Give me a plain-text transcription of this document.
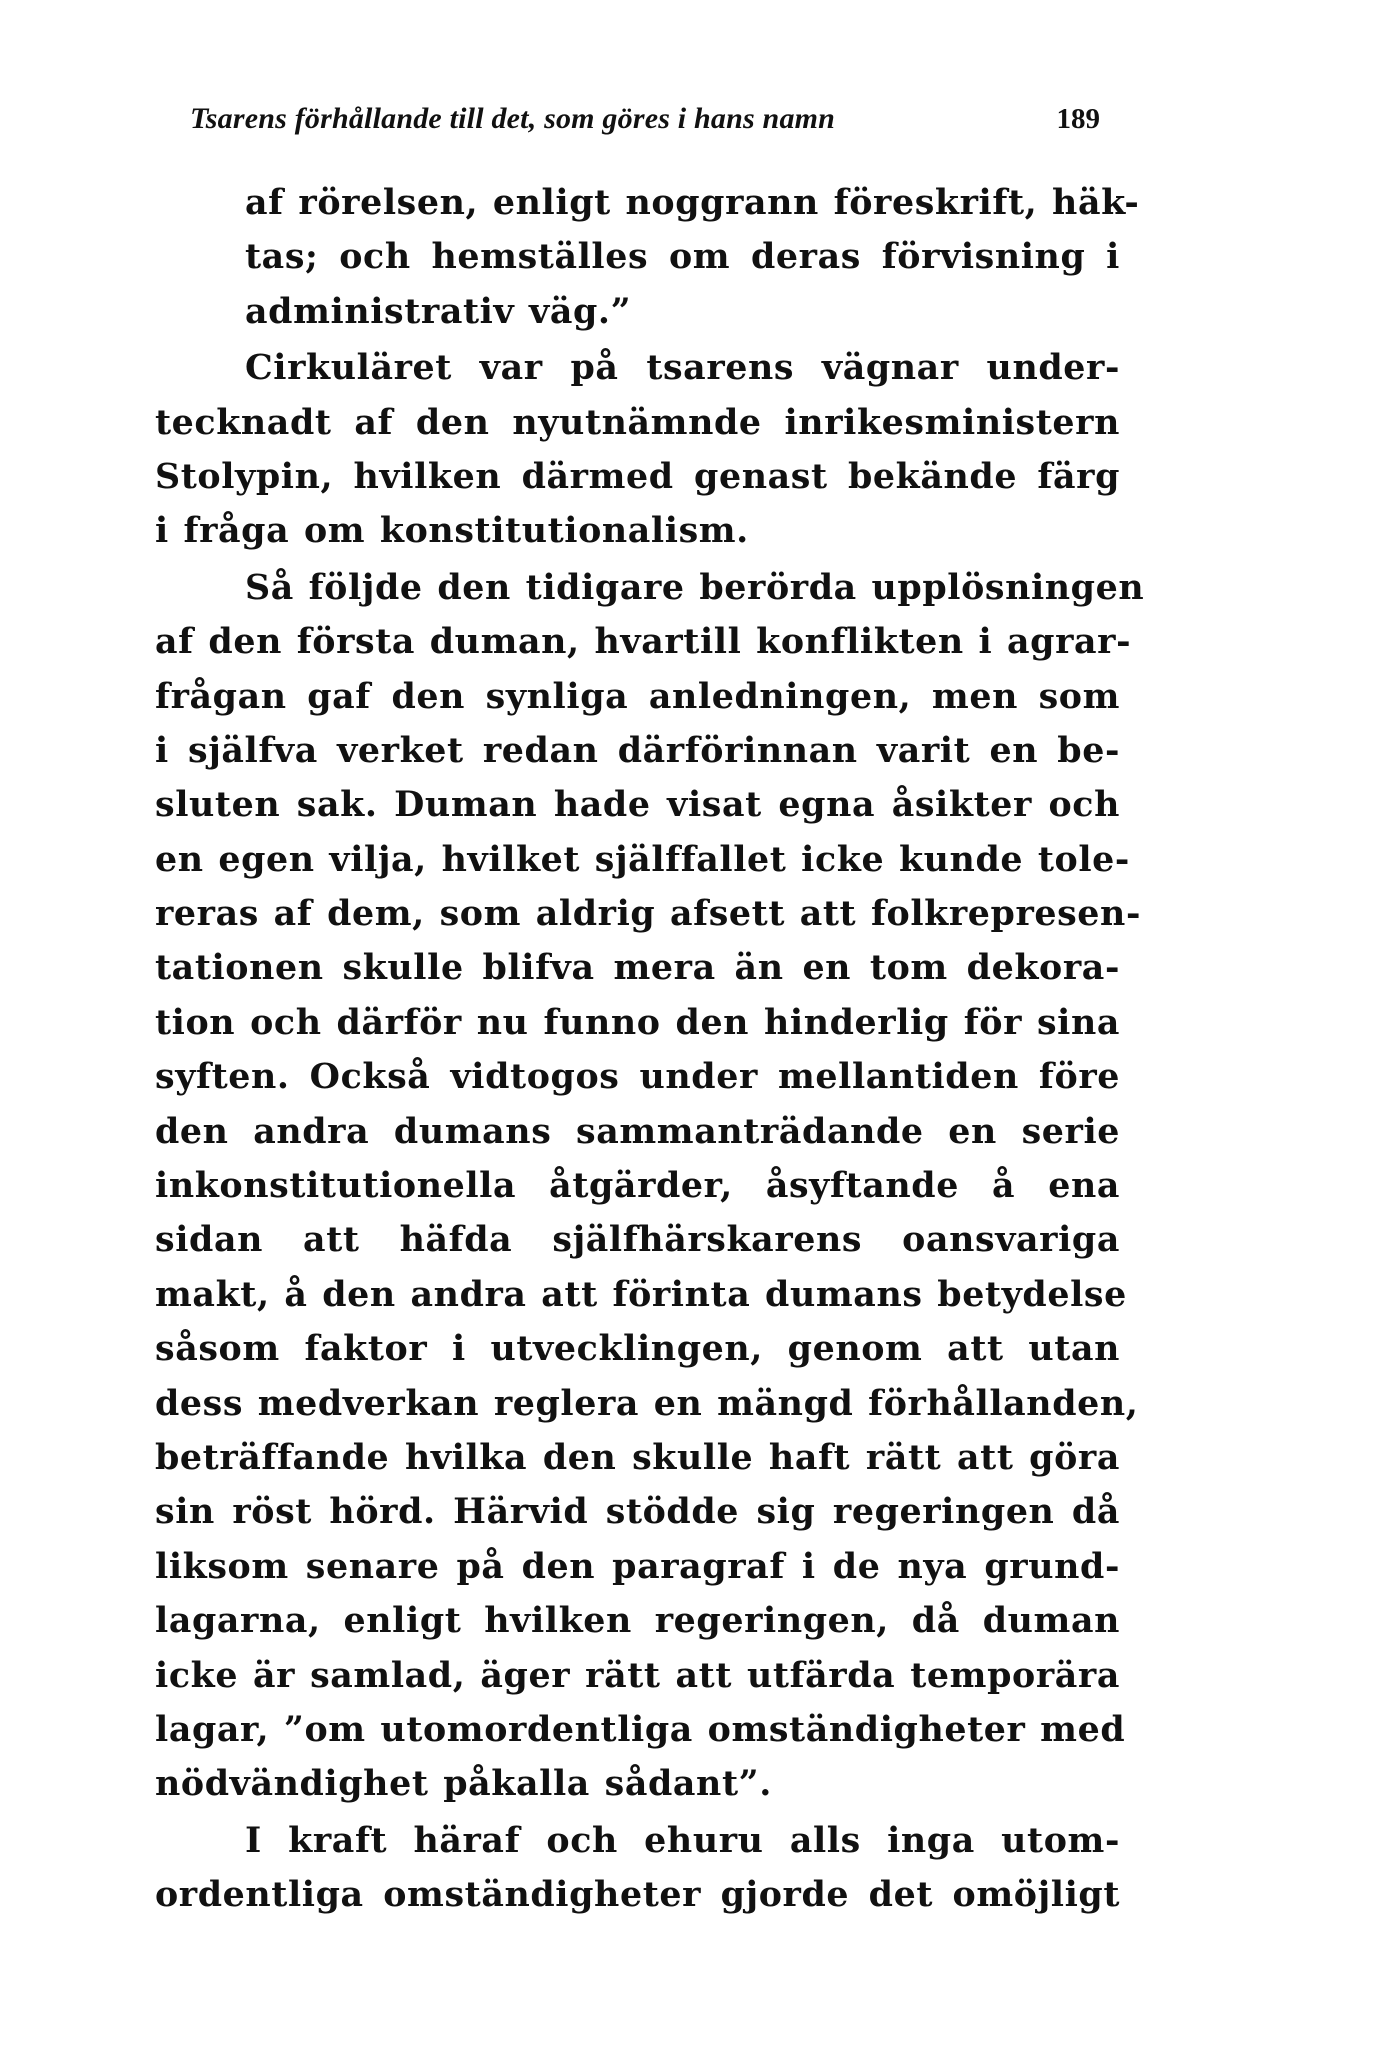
Tsarens förhållande till det, som göres i hans namn	189
af rörelsen, enligt noggrann föreskrift, häk-
tas; och hemställes om deras förvisning i
administrativ väg.”
Cirkuläret var på tsarens vägnar under-
tecknadt af den nyutnämnde inrikesministern
Stolypin, hvilken därmed genast bekände färg
i fråga om konstitutionalism.
Så följde den tidigare berörda upplösningen
af den första duman, hvartill konflikten i agrar-
frågan gaf den synliga anledningen, men som
i själfva verket redan därförinnan varit en be-
sluten sak. Duman hade visat egna åsikter och
en egen vilja, hvilket själffallet icke kunde tole-
reras af dem, som aldrig afsett att folkrepresen-
tationen skulle blifva mera än en tom dekora-
tion och därför nu funno den hinderlig för sina
syften. Också vidtogos under mellantiden före
den andra dumans sammanträdande en serie
inkonstitutionella åtgärder, åsyftande å ena
sidan att häfda själfhärskarens oansvariga
makt, å den andra att förinta dumans betydelse
såsom faktor i utvecklingen, genom att utan
dess medverkan reglera en mängd förhållanden,
beträffande hvilka den skulle haft rätt att göra
sin röst hörd. Härvid stödde sig regeringen då
liksom senare på den paragraf i de nya grund-
lagarna, enligt hvilken regeringen, då duman
icke är samlad, äger rätt att utfärda temporära
lagar, ”om utomordentliga omständigheter med
nödvändighet påkalla sådant”.
I kraft häraf och ehuru alls inga utom-
ordentliga omständigheter gjorde det omöjligt
